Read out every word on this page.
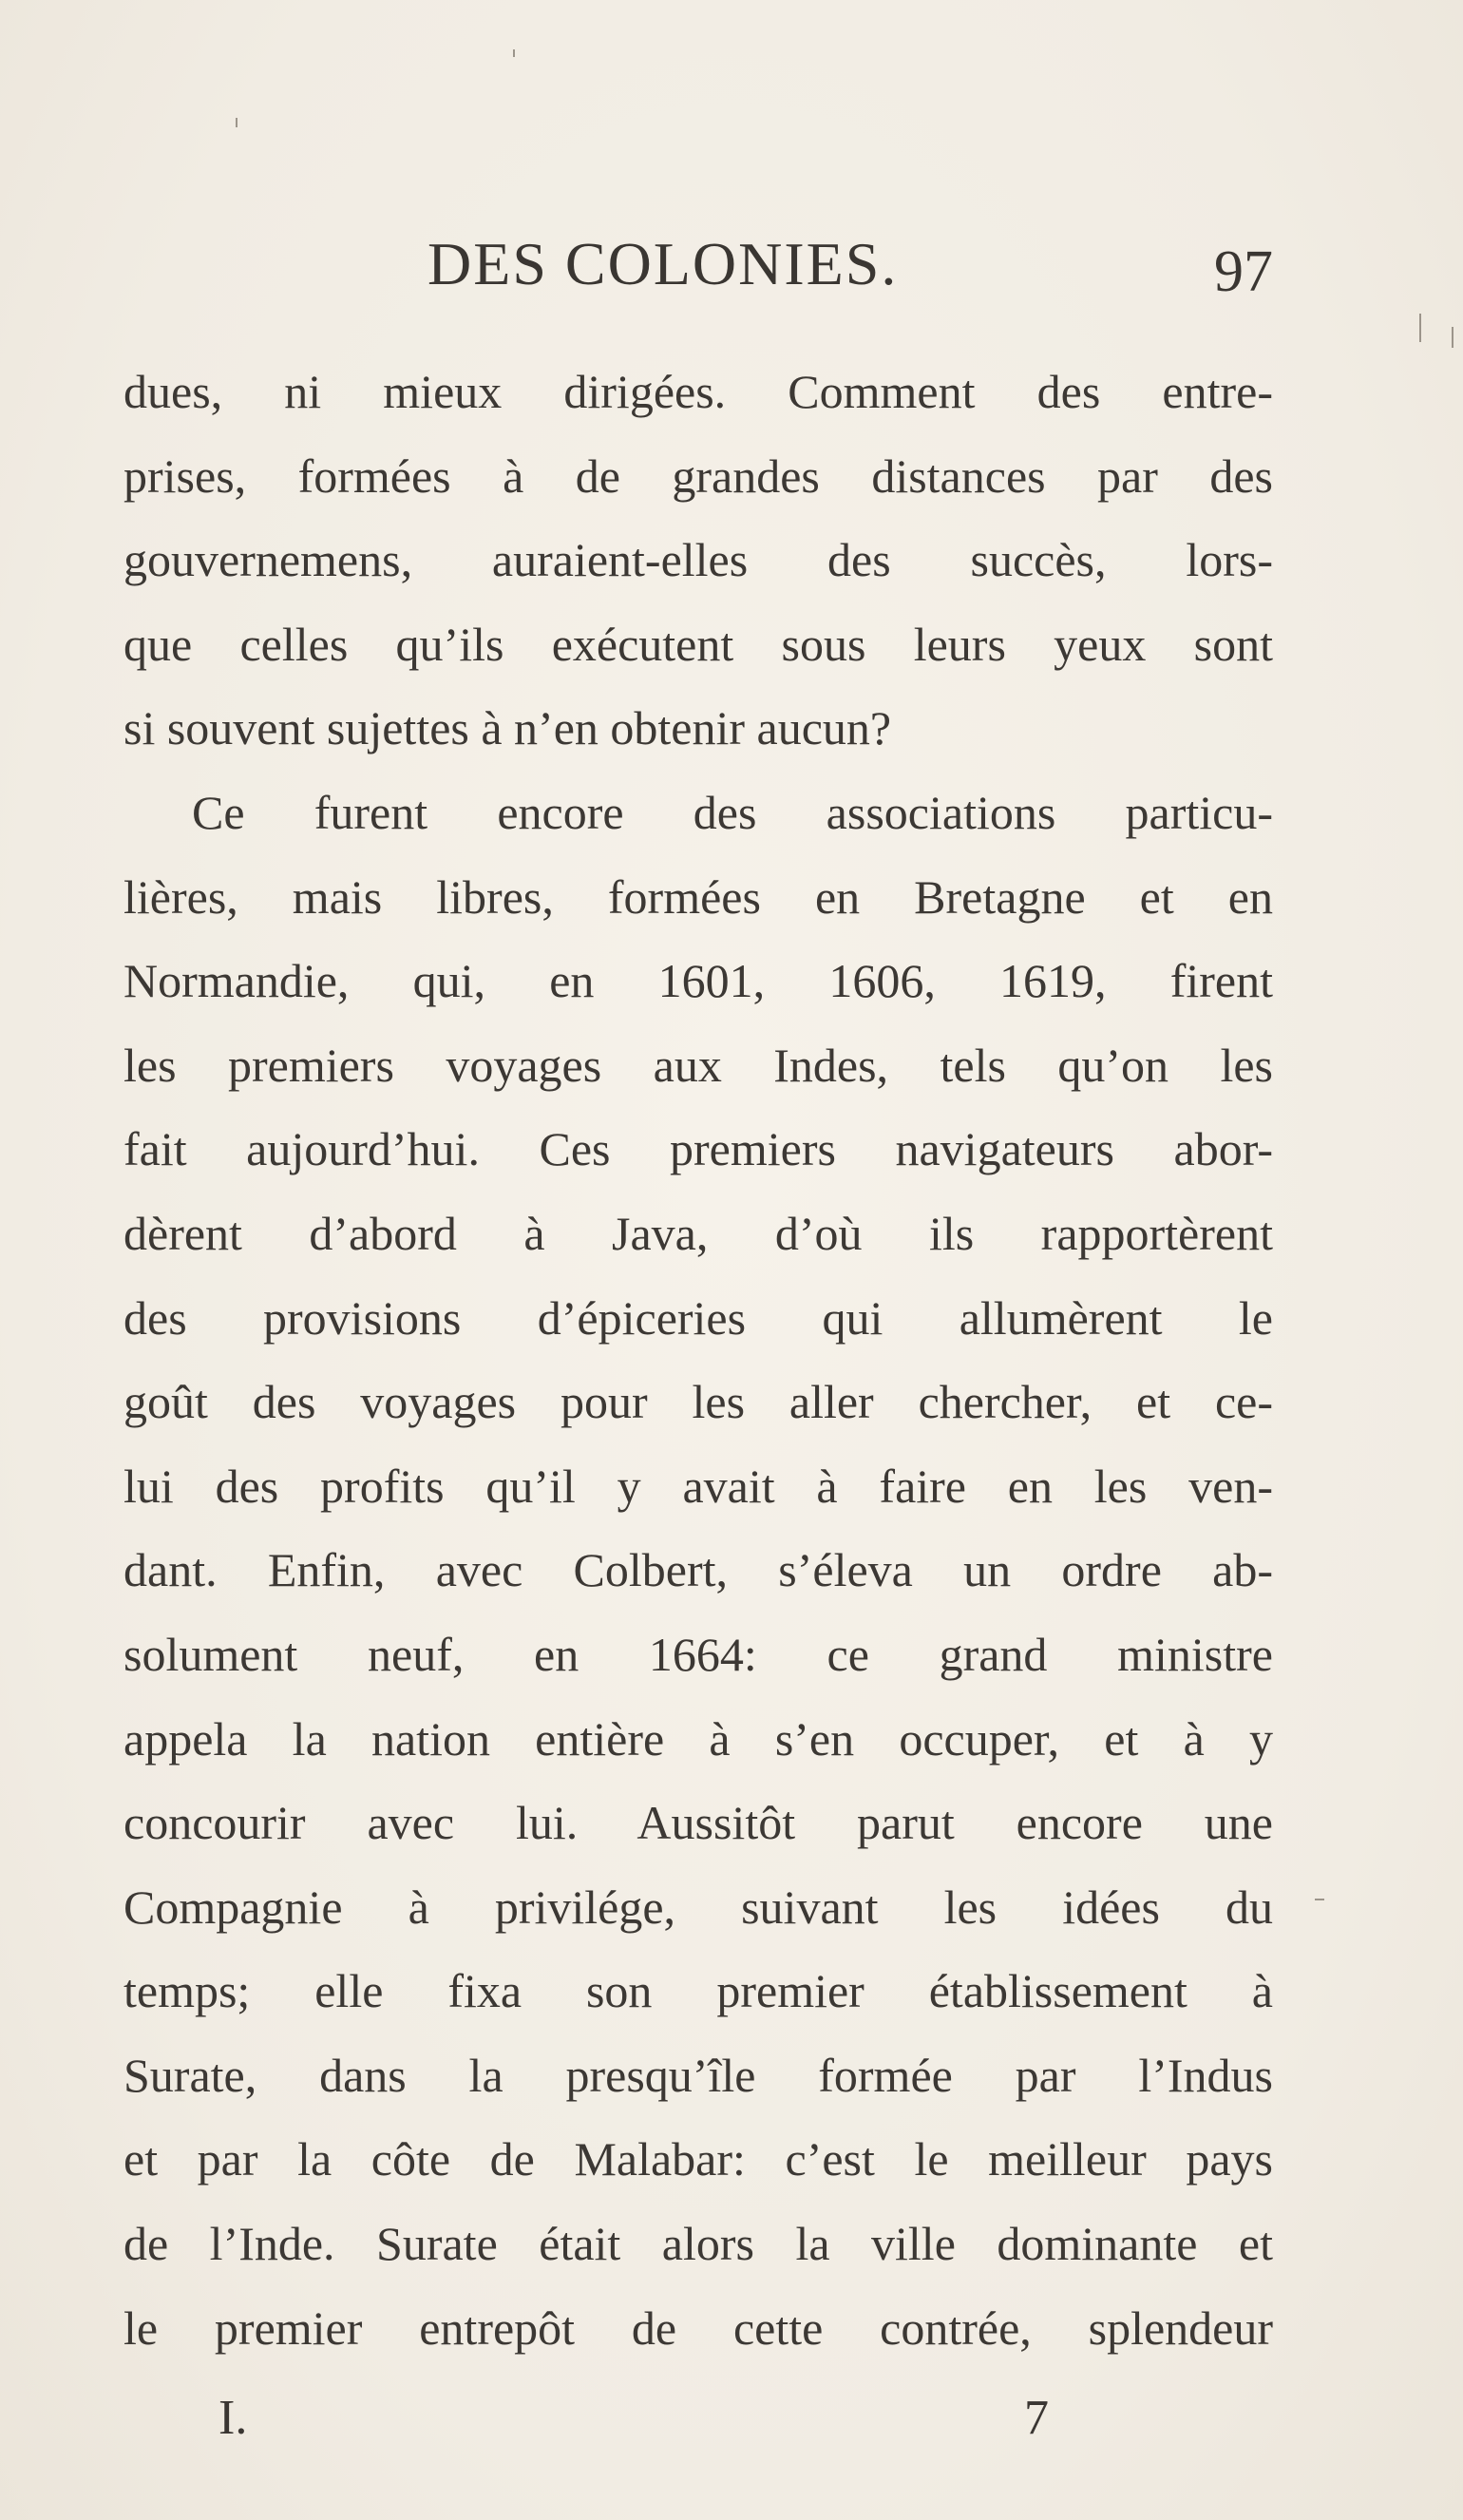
DES COLONIES.	97
dues, ni mieux dirigées. Comment des entre-
prises, formées à de grandes distances par des
gouvernemens, auraient-elles des succès, lors-
que celles qu’ils exécutent sous leurs yeux sont
si souvent sujettes à n’en obtenir aucun?
Ce furent encore des associations particu-
lières, mais libres, formées en Bretagne et en
Normandie, qui, en 1601, 1606, 1619, firent
les premiers voyages aux Indes, tels qu’on les
fait aujourd’hui. Ces premiers navigateurs abor-
dèrent d’abord à Java, d’où ils rapportèrent
des provisions d’épiceries qui allumèrent le
goût des voyages pour les aller chercher, et ce-
lui des profits qu’il y avait à faire en les ven-
dant. Enfin, avec Colbert, s’éleva un ordre ab-
solument neuf, en 1664: ce grand ministre
appela la nation entière à s’en occuper, et à y
concourir avec lui. Aussitôt parut encore une
Compagnie à privilége, suivant les idées du
temps; elle fixa son premier établissement à
Surate, dans la presqu’île formée par l’Indus
et par la côte de Malabar: c’est le meilleur pays
de l’Inde. Surate était alors la ville dominante et
le premier entrepôt de cette contrée, splendeur
I.	7
